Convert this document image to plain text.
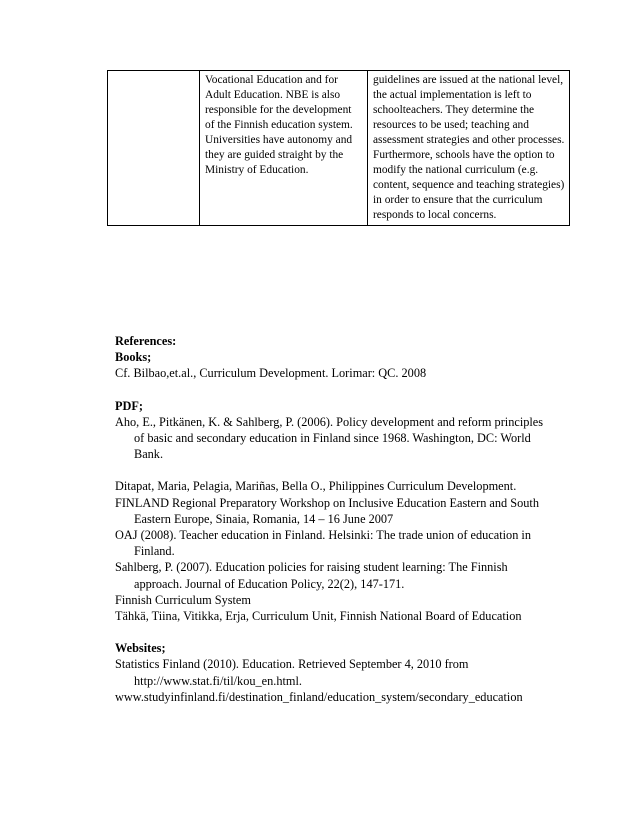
	Vocational Education and for Adult Education. NBE is also responsible for the development of the Finnish education system. Universities have autonomy and they are guided straight by the Ministry of Education.	guidelines are issued at the national level, the actual implementation is left to schoolteachers. They determine the resources to be used; teaching and assessment strategies and other processes. Furthermore, schools have the option to modify the national curriculum (e.g. content, sequence and teaching strategies) in order to ensure that the curriculum responds to local concerns.

References:

Books;

Cf. Bilbao,et.al., Curriculum Development. Lorimar: QC. 2008

PDF;

Aho, E., Pitkänen, K. & Sahlberg, P. (2006). Policy development and reform principles of basic and secondary education in Finland since 1968. Washington, DC: World Bank.

Ditapat, Maria, Pelagia, Mariñas, Bella O., Philippines Curriculum Development.

FINLAND Regional Preparatory Workshop on Inclusive Education Eastern and South Eastern Europe, Sinaia, Romania, 14 – 16 June 2007

OAJ (2008). Teacher education in Finland. Helsinki: The trade union of education in Finland.

Sahlberg, P. (2007). Education policies for raising student learning: The Finnish approach. Journal of Education Policy, 22(2), 147-171.

Finnish Curriculum System

Tähkä, Tiina, Vitikka, Erja, Curriculum Unit, Finnish National Board of Education

Websites;

Statistics Finland (2010). Education. Retrieved September 4, 2010 from http://www.stat.fi/til/kou_en.html.

www.studyinfinland.fi/destination_finland/education_system/secondary_education
